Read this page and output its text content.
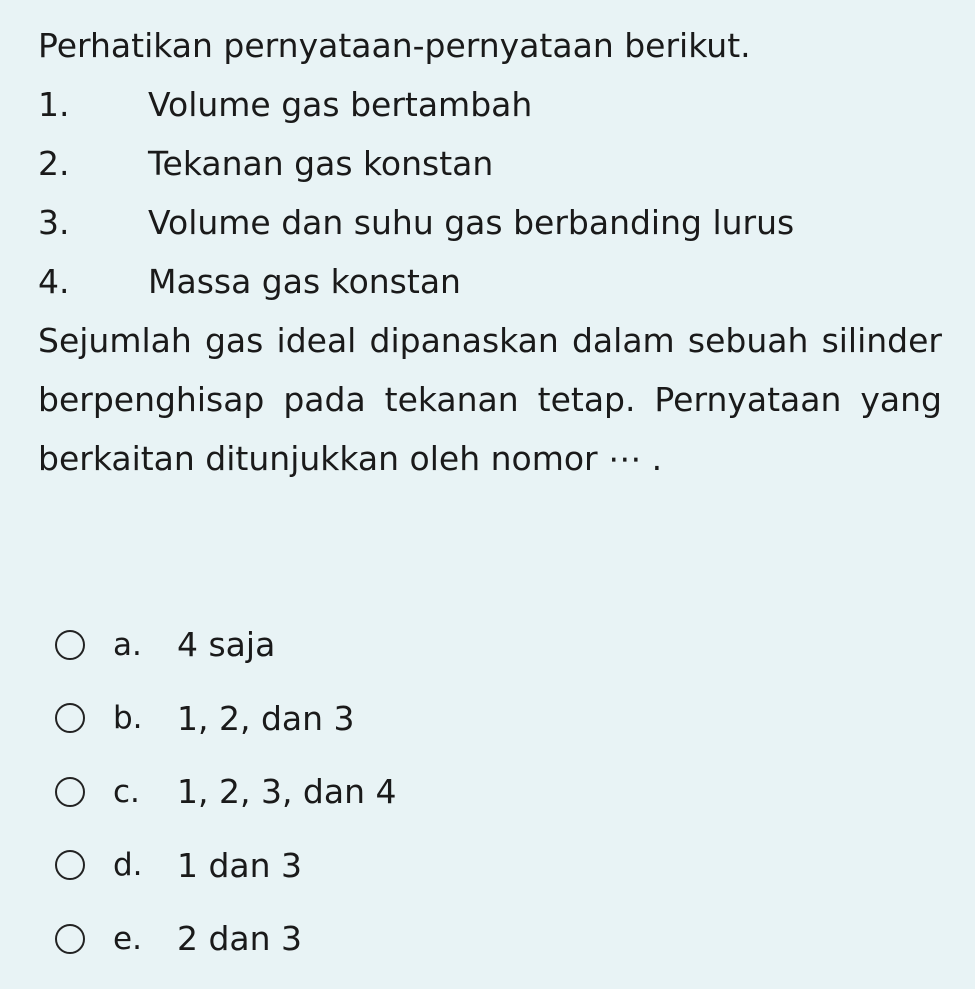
Perhatikan pernyataan-pernyataan berikut.
1.	Volume gas bertambah
2.	Tekanan gas konstan
3.	Volume dan suhu gas berbanding lurus
4.	Massa gas konstan

Sejumlah gas ideal dipanaskan dalam sebuah silinder berpenghisap pada tekanan tetap. Pernyataan yang berkaitan ditunjukkan oleh nomor ⋯ .

a.	4 saja
b.	1, 2, dan 3
c.	1, 2, 3, dan 4
d.	1 dan 3
e.	2 dan 3
